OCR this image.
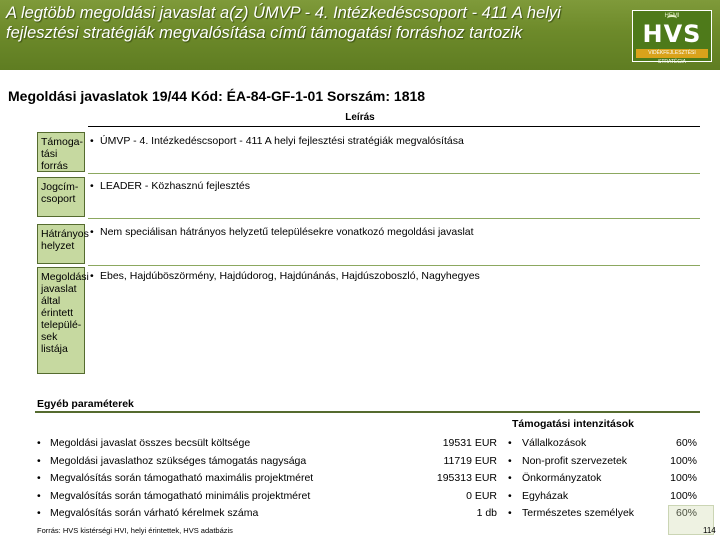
A legtöbb megoldási javaslat a(z) ÚMVP - 4. Intézkedéscsoport - 411 A helyi fejlesztési stratégiák megvalósítása című támogatási forráshoz tartozik
HEMI
HVS
VIDÉKFEJLESZTÉSI STRATÉGIA
Megoldási javaslatok 19/44 Kód: ÉA-84-GF-1-01 Sorszám: 1818
Leírás
Támoga-tási forrás
• ÚMVP - 4. Intézkedéscsoport - 411 A helyi fejlesztési stratégiák megvalósítása
Jogcím-csoport
• LEADER - Közhasznú fejlesztés
Hátrányos helyzet
• Nem speciálisan hátrányos helyzetű településekre vonatkozó megoldási javaslat
Megoldási javaslat által érintett települé-sek listája
• Ebes, Hajdúböszörmény, Hajdúdorog, Hajdúnánás, Hajdúszoboszló, Nagyhegyes
Egyéb paraméterek
Támogatási intenzitások
• Megoldási javaslat összes becsült költsége	19531 EUR
• Megoldási javaslathoz szükséges támogatás nagysága	11719 EUR
• Megvalósítás során támogatható maximális projektméret	195313 EUR
• Megvalósítás során támogatható minimális projektméret	0 EUR
• Megvalósítás során várható kérelmek száma	1 db
• Vállalkozások	60%
• Non-profit szervezetek	100%
• Önkormányzatok	100%
• Egyházak	100%
• Természetes személyek	60%
Forrás: HVS kistérségi HVI, helyi érintettek, HVS adatbázis	114
